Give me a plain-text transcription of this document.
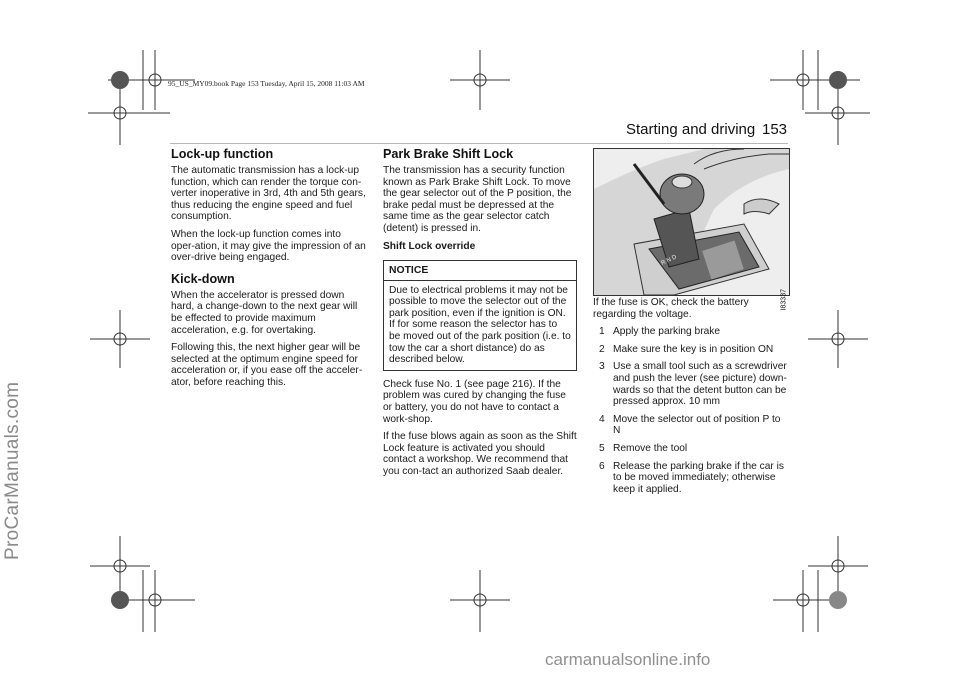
ProCarManuals.com
95_US_MY09.book Page 153 Tuesday, April 15, 2008 11:03 AM
Starting and driving 153
Lock-up function
The automatic transmission has a lock-up function, which can render the torque con-verter inoperative in 3rd, 4th and 5th gears, thus reducing the engine speed and fuel consumption.
When the lock-up function comes into oper-ation, it may give the impression of an over-drive being engaged.
Kick-down
When the accelerator is pressed down hard, a change-down to the next gear will be effected to provide maximum acceleration, e.g. for overtaking.
Following this, the next higher gear will be selected at the optimum engine speed for acceleration or, if you ease off the acceler-ator, before reaching this.
Park Brake Shift Lock
The transmission has a security function known as Park Brake Shift Lock. To move the gear selector out of the P position, the brake pedal must be depressed at the same time as the gear selector catch (detent) is pressed in.
Shift Lock override
NOTICE
Due to electrical problems it may not be possible to move the selector out of the park position, even if the ignition is ON. If for some reason the selector has to be moved out of the park position (i.e. to tow the car a short distance) do as described below.
Check fuse No. 1 (see page 216). If the problem was cured by changing the fuse or battery, you do not have to contact a work-shop.
If the fuse blows again as soon as the Shift Lock feature is activated you should contact a workshop. We recommend that you con-tact an authorized Saab dealer.
R N D
I83337
If the fuse is OK, check the battery regarding the voltage.
1 Apply the parking brake
2 Make sure the key is in position ON
3 Use a small tool such as a screwdriver and push the lever (see picture) down-wards so that the detent button can be pressed approx. 10 mm
4 Move the selector out of position P to N
5 Remove the tool
6 Release the parking brake if the car is to be moved immediately; otherwise keep it applied.
carmanualsonline.info
